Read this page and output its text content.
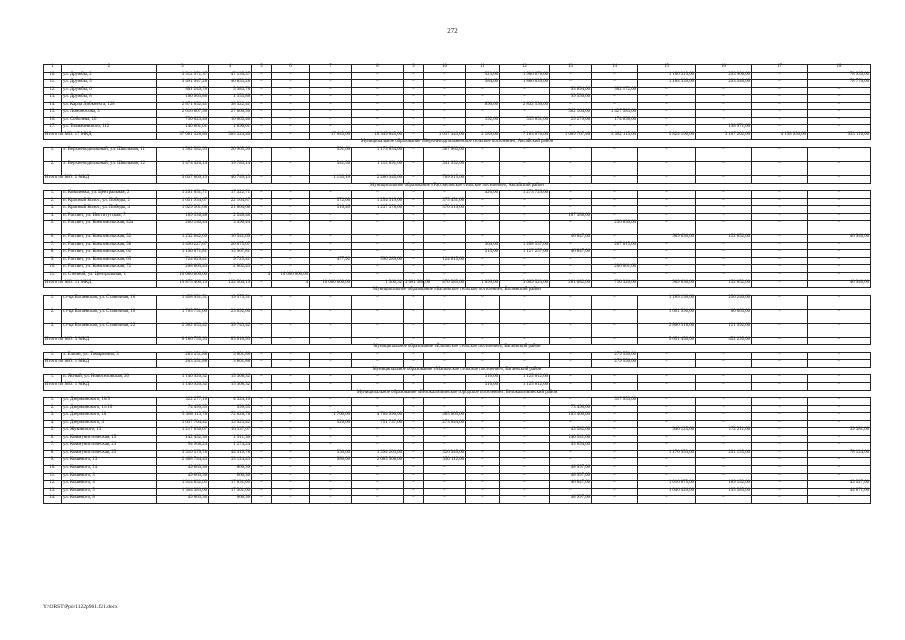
272
1	2	3	4	5	6	7	8	9	10	11	12	13	14	15	16	17	18
10.	ул. Дружбы, 2	3 512 971,37	47 135,37	–	–	–	–	–	–	523,00	1 906 676,00	–	–	1 186 319,00	293 906,00	–	78 935,00
11.	ул. Дружбы, 5	3 491 947,28	46 853,28	–	–	–	–	–	–	584,00	1 886 639,00	–	–	1 184 339,00	293 340,00	–	78 776,00
12.	ул. Дружбы, 6	401 249,78	5 383,78	–	–	–	–	–	–	–	–	93 694,00	302 172,00	–	–	–	–
13.	ул. Дружбы, 8	100 903,88	1 353,88	–	–	–	–	–	–	–	–	99 550,00	–	–	–	–	–
14.	ул. Карла Либкнехта, 128	2 871 052,41	38 522,41	–	–	–	–	–	–	890,00	2 832 530,00	–	–	–	–	–	–
15.	ул. Ломоносова, 3	2 016 807,56	27 060,56	–	–	–	–	–	–	–	–	562 164,00	1 427 583,00	–	–	–	–
16.	ул. Соболева, 16	750 023,46	10 063,46	–	–	–	–	–	–	192,00	535 831,00	29 279,00	174 658,00	–	–	–	–
17.	ул. Толмачевского, 112	140 861,01	1 890,01	–	–	–	–	–	–	–	–	–	–	–	138 971,00	–	–
Итого по МО: 17 МКД		37 661 528,80	505 324,40	–	–	17 645,00	10 349 845,00	–	1 037 343,00	2 189,00	7 163 676,00	1 089 767,40	3 382 115,00	5 824 190,00	3 167 202,00	4 158 950,00	953 116,00
Муниципальное образование «Верхнеподпольненское сельское поселение», Аксайский район																	
1.	х. Верхнеподпольный, ул. Школьная, 11	1 562 582,99	20 965,99	–	–	591,66	1 173 654,00	–	367 963,00	–	–	–	–	–	–	–	–
2.	х. Верхнеподпольный, ул. Школьная, 12	1 474 426,14	19 783,14	–	–	541,50	1 112 691,00	–	341 952,00	–	–	–	–	–	–	–	–
Итого по МО: 2 МКД		3 037 009,13	40 749,13	–	–	1 133,16	2 286 345,00	–	709 915,00	–	–	–	–	–	–	–	–
Муниципальное образование «Рассветовское сельское поселение», Аксайский район																	
1.	п. Ковалевка, ул. Центральная, 2	1 291 051,71	17 322,71	–	–	–	–	–	–	420,00	1 273 729,00	–	–	–	–	–	–
2.	п. Красный Колос, ул. Победы, 2	1 651 934,67	22 164,87	–	–	572,00	1 254 319,00	–	375 451,00	–	–	–	–	–	–	–	–
3.	п. Красный Колос, ул. Победы, 4	1 629 561,68	21 864,68	–	–	510,40	1 237 378,00	–	370 319,00	–	–	–	–	–	–	–	–
4.	п. Рассвет, ул. Институтская, 7	189 936,48	2 548,48	–	–	–	–	–	–	–	–	187 388,00	–	–	–	–	–
5.	п. Рассвет, ул. Комсомольская, 42а	260 140,44	3 490,44	–	–	–	–	–	–	–	–	–	256 650,00	–	–	–	–
6.	п. Рассвет, ул. Комсомольская, 52	1 232 842,69	16 541,69	–	–	–	–	–	–	–	–	46 847,00	–	969 636,00	152 852,00	–	46 946,00
7.	п. Рассвет, ул. Комсомольская, 58	1 496 227,67	20 075,67	–	–	–	–	–	–	364,00	1 208 537,00	–	267 615,00	–	–	–	–
8.	п. Рассвет, ул. Комсомольская, 62	1 190 071,81	15 967,81	–	–	–	–	–	–	315,00	1 127 257,00	46 847,00	–	–	–	–	–
9.	п. Рассвет, ул. Комсомольская, 65	724 829,41	9 725,41	–	–	477,92	590 289,00	–	124 815,00	–	–	–	–	–	–	–	–
10.	п. Рассвет, ул. Комсомольская, 72	208 863,43	2 802,43	–	–	–	–	–	–	–	–	–	206 061,00	–	–	–	–
11.	п. Степной, ул. Центральная, 1	10 000 000,00	–	4	10 000 000,00	–	–	–	–	–	–	–	–	–	–	–	–
Итого по МО: 11 МКД		19 875 460,19	132 504,19	–	4	10 000 000,00	1 560,32	3 081 986,00	870 585,00	1 099,00	3 609 523,00	281 082,00	730 326,00	969 636,00	152 852,00	–	46 946,00
Муниципальное образование «Багаевское сельское поселение», Багаевский район																	
1.	ст-ца Багаевская, ул. Станичная, 16	1 458 951,51	19 575,51	–	–	–	–	–	–	–	–	–	–	1 189 136,00	250 240,00	–	–
2.	ст-ца Багаевская, ул. Станичная, 18	1 765 751,00	23 692,00	–	–	–	–	–	–	–	–	–	–	1 661 996,00	80 063,00	–	–
3.	ст-ца Багаевская, ул. Станичная, 22	2 962 053,42	39 743,42	–	–	–	–	–	–	–	–	–	–	2 800 318,00	121 992,00	–	–
Итого по МО: 3 МКД		6 186 755,93	83 010,93	–	–	–	–	–	–	–	–	–	–	5 651 450,00	452 295,00	–	–
Муниципальное образование «Ёлкинское сельское поселение», Багаевский район																	
1.	х. Елкин, ул. Тамарязина, 3	283 351,88	3 801,88	–	–	–	–	–	–	–	–	–	279 550,00	–	–	–	–
Итого по МО: 1 МКД		283 351,88	3 801,88	–	–	–	–	–	–	–	–	–	279 550,00	–	–	–	–
Муниципальное образование «Манычское сельское поселение», Багаевский район																	
1.	п. Ясный, ул. Новоселовская, 20	1 140 920,32	15 308,32	–	–	–	–	–	–	310,00	1 125 612,00	–	–	–	–	–	–
Итого по МО: 1 МКД		1 140 920,32	15 308,32	–	–	–	–	–	–	310,00	1 125 612,00	–	–	–	–	–	–
Муниципальное образование «Белокалитвинское городское поселение», Белокалитвинский район																	
1.	ул. Дзержинского, 10/9	322 277,16	4 324,16	–	–	–	–	–	–	–	–	–	317 953,00	–	–	–	–
2.	ул. Дзержинского, 11/10	74 495,55	999,55	–	–	–	–	–	–	–	–	73 496,00	–	–	–	–	–
3.	ул. Дзержинского, 18	5 368 113,78	72 026,78	–	–	1 760,00	4 704 996,00	–	485 605,00	–	–	105 406,00	–	–	–	–	–
4.	ул. Дзержинского, 4	1 037 704,42	13 923,42	–	–	520,00	751 737,00	–	273 044,00	–	–	–	–	–	–	–	–
5.	ул. Жуковского, 13	1 217 636,67	16 337,67	–	–	–	–	–	–	–	–	43 582,00	–	946 125,00	172 211,00	–	39 381,00
6.	ул. Коммунистическая, 15	142 452,36	1 911,36	–	–	–	–	–	–	–	–	140 541,00	–	–	–	–	–
7.	ул. Коммунистическая, 23	94 968,24	1 274,24	–	–	–	–	–	–	–	–	93 694,00	–	–	–	–	–
8.	ул. Коммунистическая, 25	3 310 579,78	44 419,78	–	–	530,00	1 394 203,00	–	326 345,00	–	–	–	–	1 176 353,00	291 135,00	–	78 124,00
9.	ул. Кошевого, 13	2 468 744,43	33 124,43	–	–	986,00	2 085 508,00	–	350 112,00	–	–	–	–	–	–	–	–
10.	ул. Кошевого, 14	49 663,36	666,36	–	–	–	–	–	–	–	–	48 997,00	–	–	–	–	–
11.	ул. Кошевого, 3	49 663,36	666,36	–	–	–	–	–	–	–	–	48 997,00	–	–	–	–	–
12.	ул. Кошевого, 4	1 314 032,05	17 631,05	–	–	–	–	–	–	–	–	46 847,00	–	1 016 875,00	189 152,00	–	43 527,00
13.	ул. Кошевого, 5	1 304 383,60	17 501,60	–	–	–	–	–	–	–	–	–	–	1 046 426,00	195 585,00	–	44 871,00
14.	ул. Кошевого, 8	49 663,36	666,36	–	–	–	–	–	–	–	–	48 997,00	–	–	–	–	–
Y:\ORST\Ppo\1122p961.f21.docx
